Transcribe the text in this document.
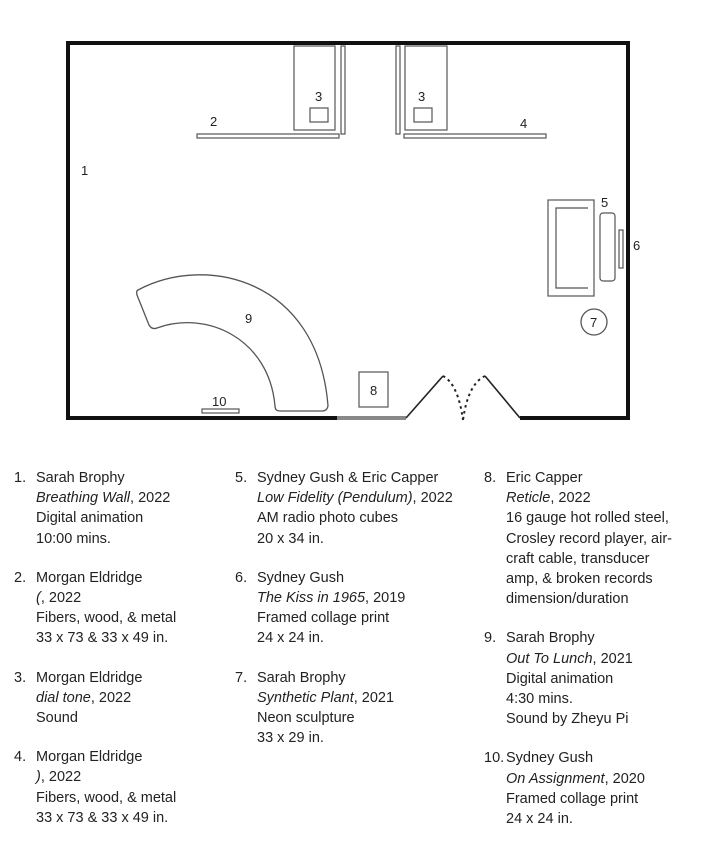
1
2
3	3
4
5
6
7
8
9
10
1. Sarah Brophy
Breathing Wall, 2022
Digital animation
10:00 mins.
2. Morgan Eldridge
(, 2022
Fibers, wood, & metal
33 x 73 & 33 x 49 in.
3. Morgan Eldridge
dial tone, 2022
Sound
4. Morgan Eldridge
), 2022
Fibers, wood, & metal
33 x 73 & 33 x 49 in.
5. Sydney Gush & Eric Capper
Low Fidelity (Pendulum), 2022
AM radio photo cubes
20 x 34 in.
6. Sydney Gush
The Kiss in 1965, 2019
Framed collage print
24 x 24 in.
7. Sarah Brophy
Synthetic Plant, 2021
Neon sculpture
33 x 29 in.
8. Eric Capper
Reticle, 2022
16 gauge hot rolled steel,
Crosley record player, air-
craft cable, transducer
amp, & broken records
dimension/duration
9. Sarah Brophy
Out To Lunch, 2021
Digital animation
4:30 mins.
Sound by Zheyu Pi
10. Sydney Gush
On Assignment, 2020
Framed collage print
24 x 24 in.
